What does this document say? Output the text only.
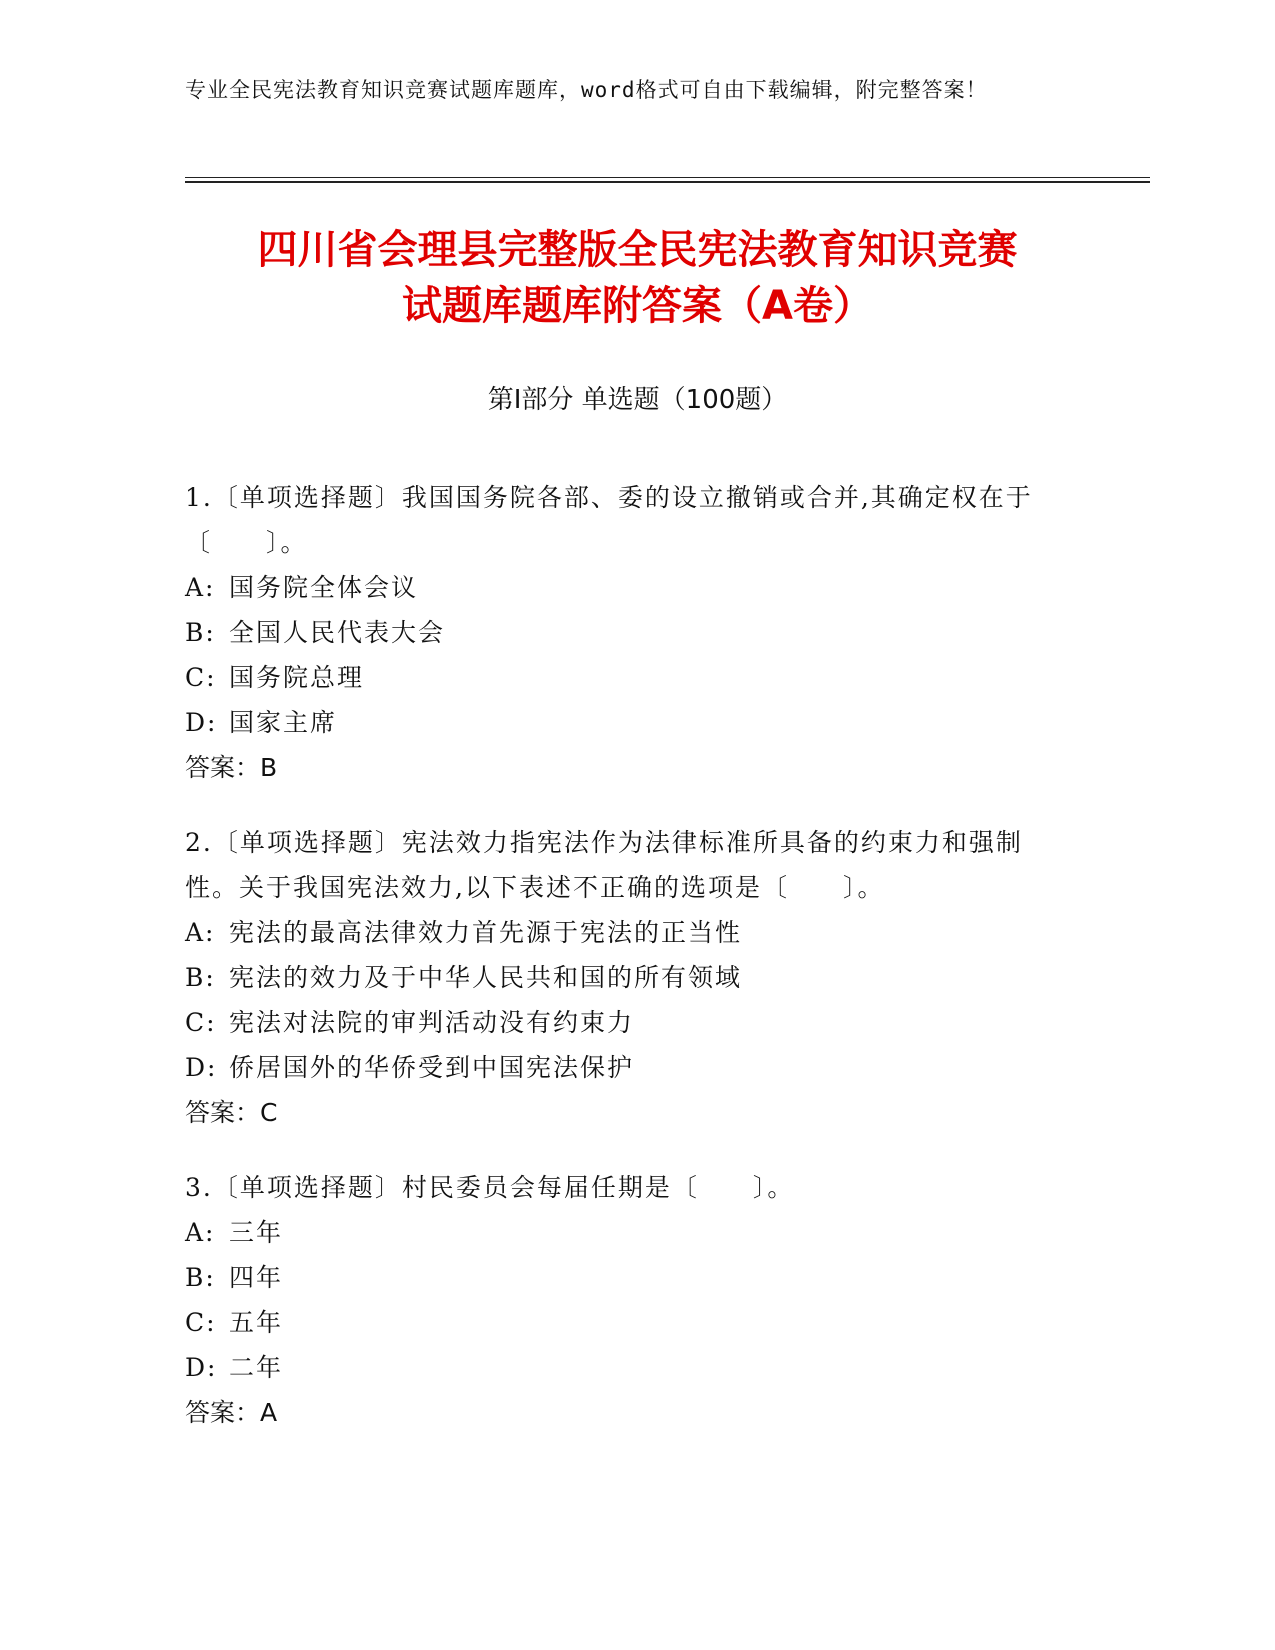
专业全民宪法教育知识竞赛试题库题库，word格式可自由下载编辑，附完整答案！
四川省会理县完整版全民宪法教育知识竞赛
试题库题库附答案（A卷）
第I部分 单选题（100题）
1.〔单项选择题〕我国国务院各部、委的设立撤销或合并,其确定权在于〔　　〕。
A: 国务院全体会议
B: 全国人民代表大会
C: 国务院总理
D: 国家主席
答案：B
2.〔单项选择题〕宪法效力指宪法作为法律标准所具备的约束力和强制性。关于我国宪法效力,以下表述不正确的选项是〔　　〕。
A: 宪法的最高法律效力首先源于宪法的正当性
B: 宪法的效力及于中华人民共和国的所有领域
C: 宪法对法院的审判活动没有约束力
D: 侨居国外的华侨受到中国宪法保护
答案：C
3.〔单项选择题〕村民委员会每届任期是〔　　〕。
A: 三年
B: 四年
C: 五年
D: 二年
答案：A
